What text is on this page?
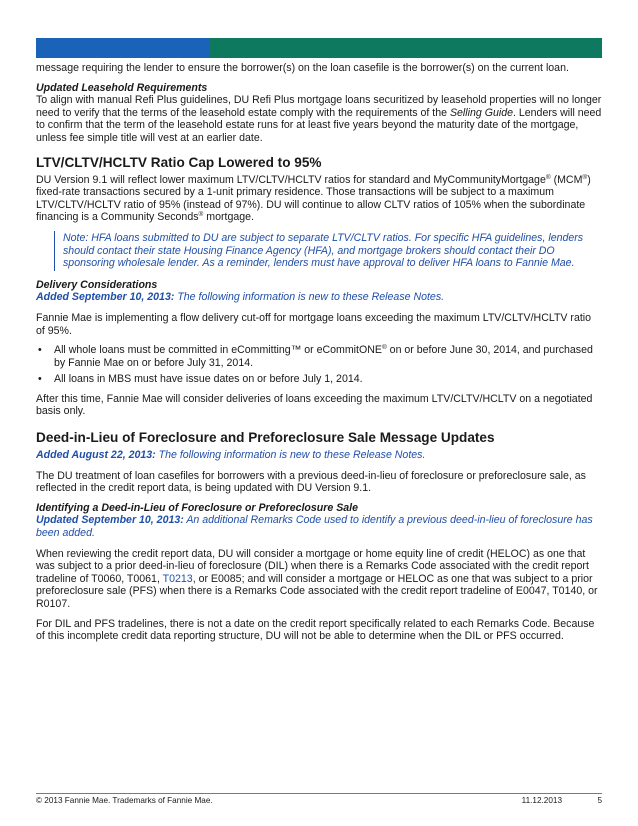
message requiring the lender to ensure the borrower(s) on the loan casefile is the borrower(s) on the current loan.

Updated Leasehold Requirements

To align with manual Refi Plus guidelines, DU Refi Plus mortgage loans securitized by leasehold properties will no longer need to verify that the terms of the leasehold estate comply with the requirements of the Selling Guide. Lenders will need to confirm that the term of the leasehold estate runs for at least five years beyond the maturity date of the mortgage, unless fee simple title will vest at an earlier date.

LTV/CLTV/HCLTV Ratio Cap Lowered to 95%

DU Version 9.1 will reflect lower maximum LTV/CLTV/HCLTV ratios for standard and MyCommunityMortgage® (MCM®) fixed-rate transactions secured by a 1-unit primary residence. Those transactions will be subject to a maximum LTV/CLTV/HCLTV ratio of 95% (instead of 97%). DU will continue to allow CLTV ratios of 105% when the subordinate financing is a Community Seconds® mortgage.

Note: HFA loans submitted to DU are subject to separate LTV/CLTV ratios. For specific HFA guidelines, lenders should contact their state Housing Finance Agency (HFA), and mortgage brokers should contact their DO sponsoring wholesale lender. As a reminder, lenders must have approval to deliver HFA loans to Fannie Mae.
Delivery Considerations

Added September 10, 2013: The following information is new to these Release Notes.

Fannie Mae is implementing a flow delivery cut-off for mortgage loans exceeding the maximum LTV/CLTV/HCLTV ratio of 95%.

• All whole loans must be committed in eCommitting™ or eCommitONE® on or before June 30, 2014, and purchased by Fannie Mae on or before July 31, 2014.
• All loans in MBS must have issue dates on or before July 1, 2014.

After this time, Fannie Mae will consider deliveries of loans exceeding the maximum LTV/CLTV/HCLTV on a negotiated basis only.

Deed-in-Lieu of Foreclosure and Preforeclosure Sale Message Updates

Added August 22, 2013: The following information is new to these Release Notes.

The DU treatment of loan casefiles for borrowers with a previous deed-in-lieu of foreclosure or preforeclosure sale, as reflected in the credit report data, is being updated with DU Version 9.1.

Identifying a Deed-in-Lieu of Foreclosure or Preforeclosure Sale

Updated September 10, 2013: An additional Remarks Code used to identify a previous deed-in-lieu of foreclosure has been added.

When reviewing the credit report data, DU will consider a mortgage or home equity line of credit (HELOC) as one that was subject to a prior deed-in-lieu of foreclosure (DIL) when there is a Remarks Code associated with the credit report tradeline of T0060, T0061, T0213, or E0085; and will consider a mortgage or HELOC as one that was subject to a prior preforeclosure sale (PFS) when there is a Remarks Code associated with the credit report tradeline of E0047, T0140, or R0107.

For DIL and PFS tradelines, there is not a date on the credit report specifically related to each Remarks Code. Because of this incomplete credit data reporting structure, DU will not be able to determine when the DIL or PFS occurred.

© 2013 Fannie Mae. Trademarks of Fannie Mae.	11.12.2013	5
